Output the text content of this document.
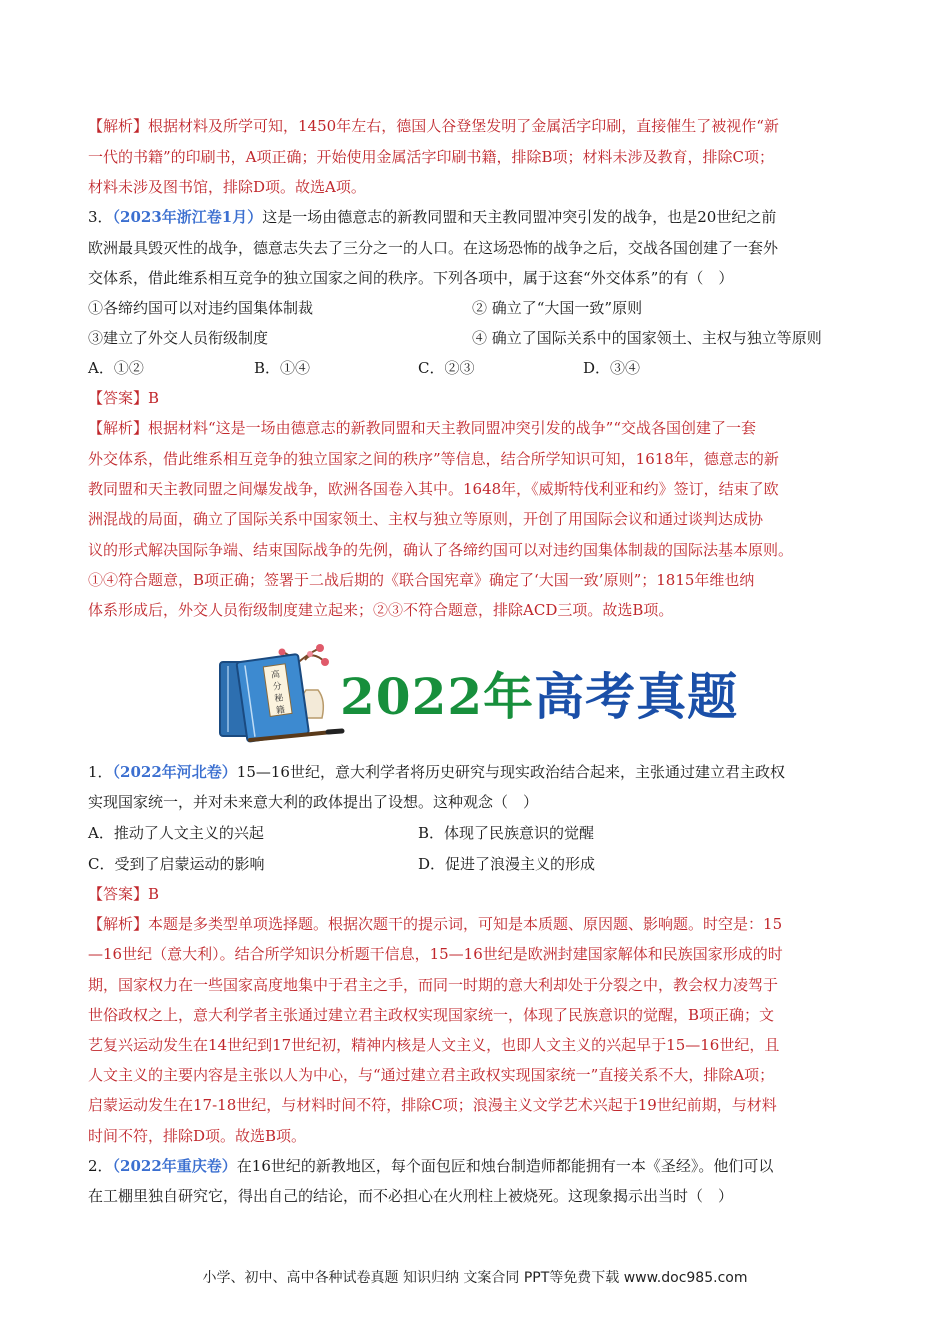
【解析】根据材料及所学可知，1450年左右，德国人谷登堡发明了金属活字印刷，直接催生了被视作“新
一代的书籍”的印刷书，A项正确；开始使用金属活字印刷书籍，排除B项；材料未涉及教育，排除C项；
材料未涉及图书馆，排除D项。故选A项。
3．（2023年浙江卷1月）这是一场由德意志的新教同盟和天主教同盟冲突引发的战争，也是20世纪之前
欧洲最具毁灭性的战争，德意志失去了三分之一的人口。在这场恐怖的战争之后，交战各国创建了一套外
交体系，借此维系相互竞争的独立国家之间的秩序。下列各项中，属于这套“外交体系”的有（　）
①各缔约国可以对违约国集体制裁	② 确立了“大国一致”原则
③建立了外交人员衔级制度	④ 确立了国际关系中的国家领土、主权与独立等原则
A．①②	B．①④	C．②③	D．③④
【答案】B
【解析】根据材料“这是一场由德意志的新教同盟和天主教同盟冲突引发的战争”“交战各国创建了一套
外交体系，借此维系相互竞争的独立国家之间的秩序”等信息，结合所学知识可知，1618年，德意志的新
教同盟和天主教同盟之间爆发战争，欧洲各国卷入其中。1648年，《威斯特伐利亚和约》签订，结束了欧
洲混战的局面，确立了国际关系中国家领土、主权与独立等原则，开创了用国际会议和通过谈判达成协
议的形式解决国际争端、结束国际战争的先例，确认了各缔约国可以对违约国集体制裁的国际法基本原则。
①④符合题意，B项正确；签署于二战后期的《联合国宪章》确定了‘大国一致’原则”；1815年维也纳
体系形成后，外交人员衔级制度建立起来；②③不符合题意，排除ACD三项。故选B项。
高
分
秘
籍 2022年高考真题
1．（2022年河北卷）15—16世纪，意大利学者将历史研究与现实政治结合起来，主张通过建立君主政权
实现国家统一，并对未来意大利的政体提出了设想。这种观念（　）
A．推动了人文主义的兴起	B．体现了民族意识的觉醒
C．受到了启蒙运动的影响	D．促进了浪漫主义的形成
【答案】B
【解析】本题是多类型单项选择题。根据次题干的提示词，可知是本质题、原因题、影响题。时空是：15
—16世纪（意大利）。结合所学知识分析题干信息，15—16世纪是欧洲封建国家解体和民族国家形成的时
期，国家权力在一些国家高度地集中于君主之手，而同一时期的意大利却处于分裂之中，教会权力凌驾于
世俗政权之上，意大利学者主张通过建立君主政权实现国家统一，体现了民族意识的觉醒，B项正确；文
艺复兴运动发生在14世纪到17世纪初，精神内核是人文主义，也即人文主义的兴起早于15—16世纪，且
人文主义的主要内容是主张以人为中心，与“通过建立君主政权实现国家统一”直接关系不大，排除A项；
启蒙运动发生在17-18世纪，与材料时间不符，排除C项；浪漫主义文学艺术兴起于19世纪前期，与材料
时间不符，排除D项。故选B项。
2．（2022年重庆卷）在16世纪的新教地区，每个面包匠和烛台制造师都能拥有一本《圣经》。他们可以
在工棚里独自研究它，得出自己的结论，而不必担心在火刑柱上被烧死。这现象揭示出当时（　）
小学、初中、高中各种试卷真题 知识归纳 文案合同 PPT等免费下载 www.doc985.com
